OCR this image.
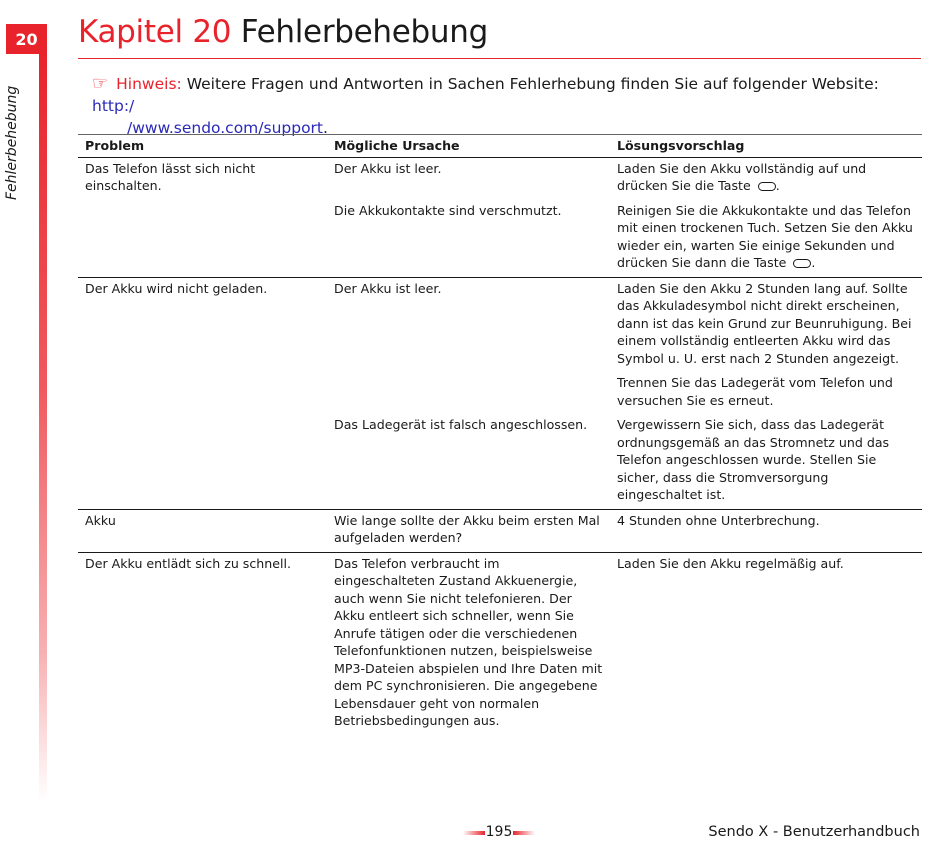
20
Fehlerbehebung
Kapitel 20 Fehlerbehebung
☞ Hinweis: Weitere Fragen und Antworten in Sachen Fehlerhebung finden Sie auf folgender Website: http:/
/www.sendo.com/support.
Problem	Mögliche Ursache	Lösungsvorschlag
Das Telefon lässt sich nicht einschalten.	Der Akku ist leer.	Laden Sie den Akku vollständig auf und drücken Sie die Taste .
	Die Akkukontakte sind verschmutzt.	Reinigen Sie die Akkukontakte und das Telefon mit einen trockenen Tuch. Setzen Sie den Akku wieder ein, warten Sie einige Sekunden und drücken Sie dann die Taste .
Der Akku wird nicht geladen.	Der Akku ist leer.	Laden Sie den Akku 2 Stunden lang auf. Sollte das Akkuladesymbol nicht direkt erscheinen, dann ist das kein Grund zur Beunruhigung. Bei einem vollständig entleerten Akku wird das Symbol u. U. erst nach 2 Stunden angezeigt.
		Trennen Sie das Ladegerät vom Telefon und versuchen Sie es erneut.
	Das Ladegerät ist falsch angeschlossen.	Vergewissern Sie sich, dass das Ladegerät ordnungsgemäß an das Stromnetz und das Telefon angeschlossen wurde. Stellen Sie sicher, dass die Stromversorgung eingeschaltet ist.
Akku	Wie lange sollte der Akku beim ersten Mal aufgeladen werden?	4 Stunden ohne Unterbrechung.
Der Akku entlädt sich zu schnell.	Das Telefon verbraucht im eingeschalteten Zustand Akkuenergie, auch wenn Sie nicht telefonieren. Der Akku entleert sich schneller, wenn Sie Anrufe tätigen oder die verschiedenen Telefonfunktionen nutzen, beispielsweise MP3-Dateien abspielen und Ihre Daten mit dem PC synchronisieren. Die angegebene Lebensdauer geht von normalen Betriebsbedingungen aus.	Laden Sie den Akku regelmäßig auf.
195	Sendo X - Benutzerhandbuch
